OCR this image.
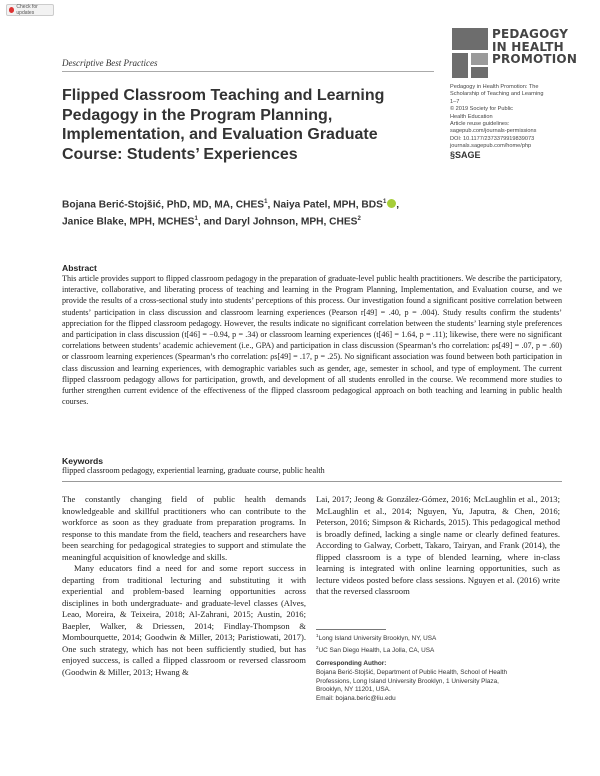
Check for updates
PEDAGOGY
IN HEALTH
PROMOTION
Descriptive Best Practices
Flipped Classroom Teaching and Learning Pedagogy in the Program Planning, Implementation, and Evaluation Graduate Course: Students’ Experiences
Pedagogy in Health Promotion: The
Scholarship of Teaching and Learning
1–7
© 2019 Society for Public
Health Education
Article reuse guidelines:
sagepub.com/journals-permissions
DOI: 10.1177/2373379919839073
journals.sagepub.com/home/php
§SAGE
Bojana Berić-Stojšić, PhD, MD, MA, CHES$^1$, Naiya Patel, MPH, BDS$^1$ ,
Janice Blake, MPH, MCHES$^1$, and Daryl Johnson, MPH, CHES$^2$
Abstract
This article provides support to flipped classroom pedagogy in the preparation of graduate-level public health practitioners. We describe the participatory, interactive, collaborative, and liberating process of teaching and learning in the Program Planning, Implementation, and Evaluation course, and we provide the results of a cross-sectional study into students’ perceptions of this process. Our investigation found a significant positive correlation between students’ participation in class discussion and classroom learning experiences (Pearson r[49] = .40, p = .004). Study results confirm the students’ appreciation for the flipped classroom pedagogy. However, the results indicate no significant correlation between the students’ learning style preferences and participation in class discussion (t[46] = −0.94, p = .34) or classroom learning experiences (t[46] = 1.64, p = .11); likewise, there were no significant correlations between students’ academic achievement (i.e., GPA) and participation in class discussion (Spearman’s rho correlation: ρs[49] = .07, p = .60) or classroom learning experiences (Spearman’s rho correlation: ρs[49] = .17, p = .25). No significant association was found between both participation in class discussion and learning experiences, with demographic variables such as gender, age, semester in school, and type of employment. The current flipped classroom pedagogy allows for participation, growth, and development of all students enrolled in the course. We recommend more studies to further strengthen current evidence of the effectiveness of the flipped classroom pedagogical approach on both teaching and learning in public health courses.
Keywords
flipped classroom pedagogy, experiential learning, graduate course, public health

The constantly changing field of public health demands knowledgeable and skillful practitioners who can contribute to the workforce as soon as they graduate from preparation programs. In response to this mandate from the field, teachers and researchers have been searching for pedagogical strategies to support and stimulate the meaningful acquisition of knowledge and skills.

Many educators find a need for and some report success in departing from traditional lecturing and substituting it with experiential and problem-based learning opportunities across disciplines in both undergraduate- and graduate-level classes (Alves, Leao, Moreira, & Teixeira, 2018; Al-Zahrani, 2015; Austin, 2016; Baepler, Walker, & Driessen, 2014; Findlay-Thompson & Mombourquette, 2014; Goodwin & Miller, 2013; Paristiowati, 2017). One such strategy, which has not been sufficiently studied, but has enjoyed success, is called a flipped classroom or reversed classroom (Goodwin & Miller, 2013; Hwang &

Lai, 2017; Jeong & González-Gómez, 2016; McLaughlin et al., 2013; McLaughlin et al., 2014; Nguyen, Yu, Japutra, & Chen, 2016; Peterson, 2016; Simpson & Richards, 2015). This pedagogical method is broadly defined, lacking a single name or clearly defined features. According to Galway, Corbett, Takaro, Tairyan, and Frank (2014), the flipped classroom is a type of blended learning, where in-class learning is integrated with online learning opportunities, such as lecture videos posted before class sessions. Nguyen et al. (2016) write that the reversed classroom

$^1$Long Island University Brooklyn, NY, USA
$^2$UC San Diego Health, La Jolla, CA, USA
Corresponding Author:
Bojana Berić-Stojšić, Department of Public Health, School of Health
Professions, Long Island University Brooklyn, 1 University Plaza,
Brooklyn, NY 11201, USA.
Email: bojana.beric@liu.edu
